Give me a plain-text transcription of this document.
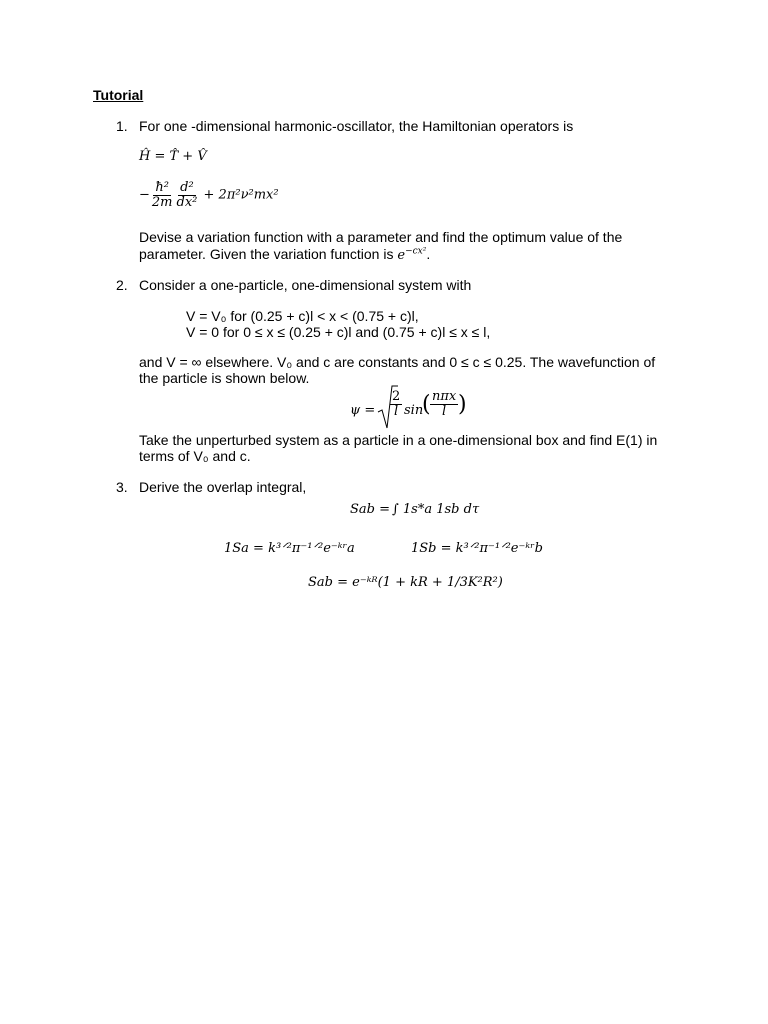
Tutorial
1. For one -dimensional harmonic-oscillator, the Hamiltonian operators is
Ĥ = T̂ + V̂
− $\frac{\text{ħ²}}{2m} \frac{\text{d²}}{\text{dx²}} + 2\pi^2\nu^2mx^2$
Devise a variation function with a parameter and find the optimum value of the
parameter. Given the variation function is $e^{-cx^2}$.
2. Consider a one-particle, one-dimensional system with
V = V₀ for (0.25 + c)l < x < (0.75 + c)l,
V = 0 for 0 ≤ x ≤ (0.25 + c)l and (0.75 + c)l ≤ x ≤ l,
and V = ∞ elsewhere. V₀ and c are constants and 0 ≤ c ≤ 0.25. The wavefunction of
the particle is shown below.
$\psi = \frac{2}{l}$ sin
( nπx
l )
Take the unperturbed system as a particle in a one-dimensional box and find E(1) in
terms of V₀ and c.
3. Derive the overlap integral,
Sab = ∫ 1s*a 1sb dτ
1Sa = k³ᐟ²π⁻¹ᐟ²e⁻ᵏʳa	1Sb = k³ᐟ²π⁻¹ᐟ²e⁻ᵏʳb
Sab = e⁻ᵏᴿ(1 + kR + 1/3K²R²)
